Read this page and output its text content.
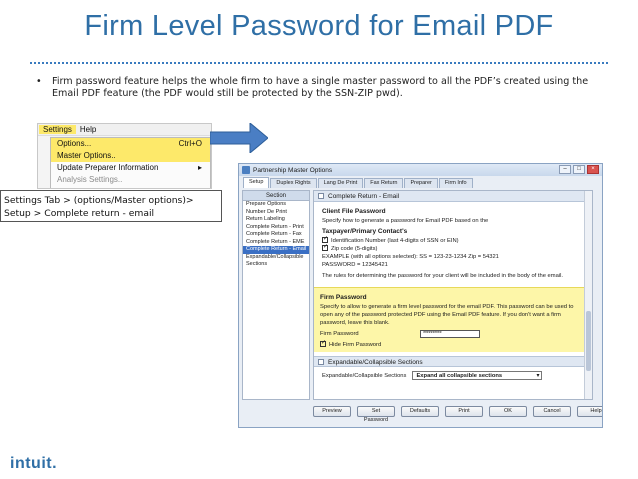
Firm Level Password for Email PDF
•	Firm password feature helps the whole firm to have a single master password to all the PDF’s created using the Email PDF feature (the PDF would still be protected by the SSN-ZIP pwd).
Settings	Help
Options...	Ctrl+O
Master Options..
Update Preparer Information	▸
Analysis Settings..
Partnership Master Options	–	□	×
Setup	Duplex Rights	Lang De Print	Fax Return	Preparer	Firm Info
Section
Prepare Options
Number De Print
Return Labeling
Complete Return - Print
Complete Return - Fax
Complete Return - EME
Complete Return - Email
Expandable/Collapsible
Sections
Complete Return - Email
Client File Password
Specify how to generate a password for Email PDF based on the
Taxpayer/Primary Contact's
✓Identification Number (last 4-digits of SSN or EIN)
✓Zip code (5-digits)
EXAMPLE (with all options selected): SS = 123-23-1234 Zip = 54321
PASSWORD = 12345421
The rules for determining the password for your client will be included in the body of the email.
Firm Password
Specify to allow to generate a firm level password for the email PDF. This password can be used to open any of the password protected PDF using the Email PDF feature. If you don't want a firm password, leave this blank.
Firm Password	**********
✓Hide Firm Password
Expandable/Collapsible Sections
Expandable/Collapsible Sections	Expand all collapsible sections ▾
Preview	Set Password
Defaults	Print	OK	Cancel	Help
Settings Tab > (options/Master options)>
Setup > Complete return - email
intuit.
